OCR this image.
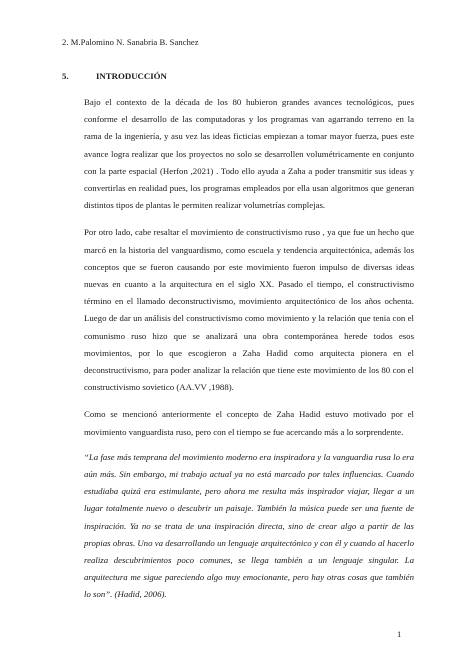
2. M.Palomino N. Sanabria B. Sanchez
5.	INTRODUCCIÓN

Bajo el contexto de la década de los 80 hubieron grandes avances tecnológicos, pues conforme el desarrollo de las computadoras y los programas van agarrando terreno en la rama de la ingeniería, y asu vez las ideas ficticias empiezan a tomar mayor fuerza, pues este avance logra realizar que los proyectos no solo se desarrollen volumétricamente en conjunto con la parte espacial (Herfon ,2021) . Todo ello ayuda a Zaha a poder transmitir sus ideas y convertirlas en realidad pues, los programas empleados por ella usan algoritmos que generan distintos tipos de plantas le permiten realizar volumetrías complejas.

Por otro lado, cabe resaltar el movimiento de constructivismo ruso , ya que fue un hecho que marcó en la historia del vanguardismo, como escuela y tendencia arquitectónica, además los conceptos que se fueron causando por este movimiento fueron impulso de diversas ideas nuevas en cuanto a la arquitectura en el siglo XX. Pasado el tiempo, el constructivismo término en el llamado deconstructivismo, movimiento arquitectónico de los años ochenta. Luego de dar un análisis del constructivismo como movimiento y la relación que tenia con el comunismo ruso hizo que se analizará una obra contemporánea herede todos esos movimientos, por lo que escogieron a Zaha Hadid como arquitecta pionera en el deconstructivismo, para poder analizar la relación que tiene este movimiento de los 80 con el constructivismo sovietico (AA.VV ,1988).

Como se mencionó anteriormente el concepto de Zaha Hadid estuvo motivado por el movimiento vanguardista ruso, pero con el tiempo se fue acercando más a lo sorprendente.

“La fase más temprana del movimiento moderno era inspiradora y la vanguardia rusa lo era aún más. Sin embargo, mi trabajo actual ya no está marcado por tales influencias. Cuando estudiaba quizá era estimulante, pero ahora me resulta más inspirador viajar, llegar a un lugar totalmente nuevo o descubrir un paisaje. También la música puede ser una fuente de inspiración. Ya no se trata de una inspiración directa, sino de crear algo a partir de las propias obras. Uno va desarrollando un lenguaje arquitectónico y con él y cuando al hacerlo realiza descubrimientos poco comunes, se llega también a un lenguaje singular. La arquitectura me sigue pareciendo algo muy emocionante, pero hay otras cosas que también lo son”. (Hadid, 2006).

1
